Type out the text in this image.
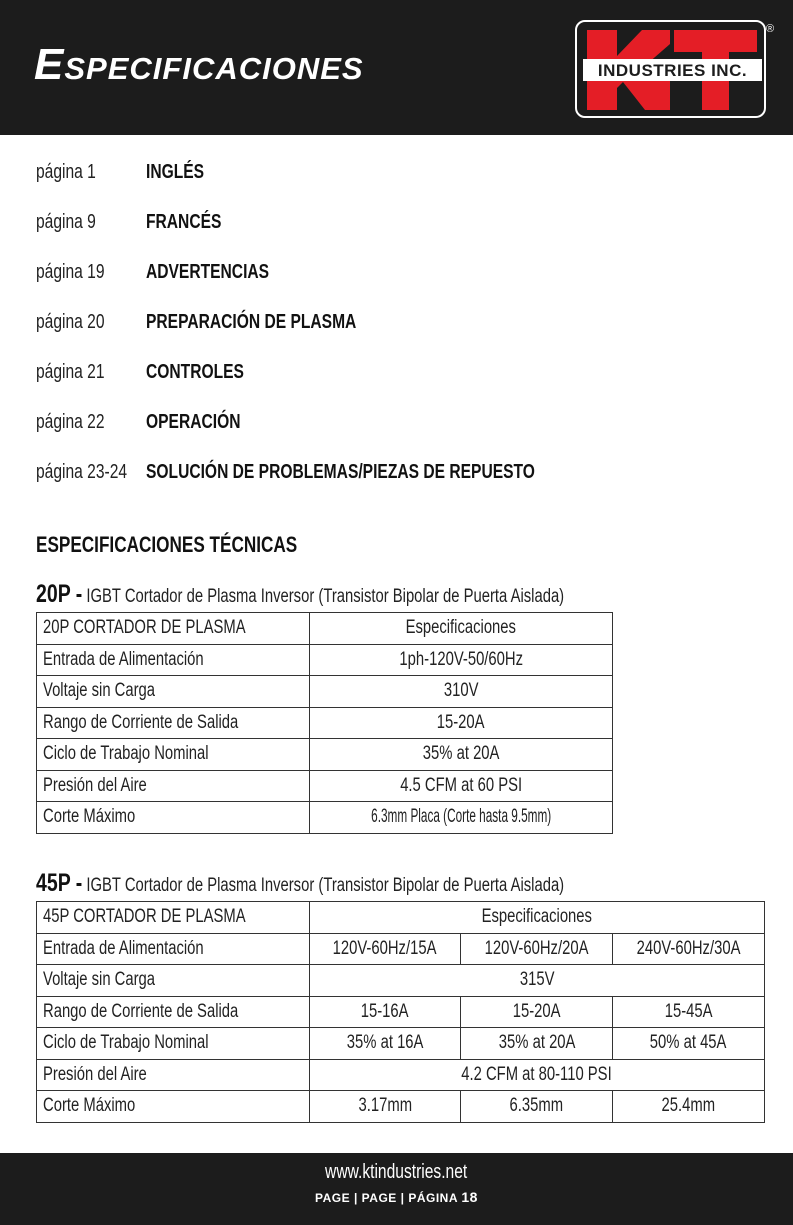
ESPECIFICACIONES	INDUSTRIES INC.
®
página 1	INGLÉS
página 9	FRANCÉS
página 19 ADVERTENCIAS
página 20 PREPARACIÓN DE PLASMA
página 21 CONTROLES
página 22 OPERACIÓN
página 23-24 SOLUCIÓN DE PROBLEMAS/PIEZAS DE REPUESTO
ESPECIFICACIONES TÉCNICAS
20P - IGBT Cortador de Plasma Inversor (Transistor Bipolar de Puerta Aislada)
20P CORTADOR DE PLASMA	Especificaciones
Entrada de Alimentación	1ph-120V-50/60Hz
Voltaje sin Carga	310V
Rango de Corriente de Salida	15-20A
Ciclo de Trabajo Nominal	35% at 20A
Presión del Aire	4.5 CFM at 60 PSI
Corte Máximo	6.3mm Placa (Corte hasta 9.5mm)
45P - IGBT Cortador de Plasma Inversor (Transistor Bipolar de Puerta Aislada)
45P CORTADOR DE PLASMA	Especificaciones		
Entrada de Alimentación	120V-60Hz/15A	120V-60Hz/20A	240V-60Hz/30A
Voltaje sin Carga	315V		
Rango de Corriente de Salida	15-16A	15-20A	15-45A
Ciclo de Trabajo Nominal	35% at 16A	35% at 20A	50% at 45A
Presión del Aire	4.2 CFM at 80-110 PSI		
Corte Máximo	3.17mm	6.35mm	25.4mm
www.ktindustries.net
PAGE | PAGE | PÁGINA 18
